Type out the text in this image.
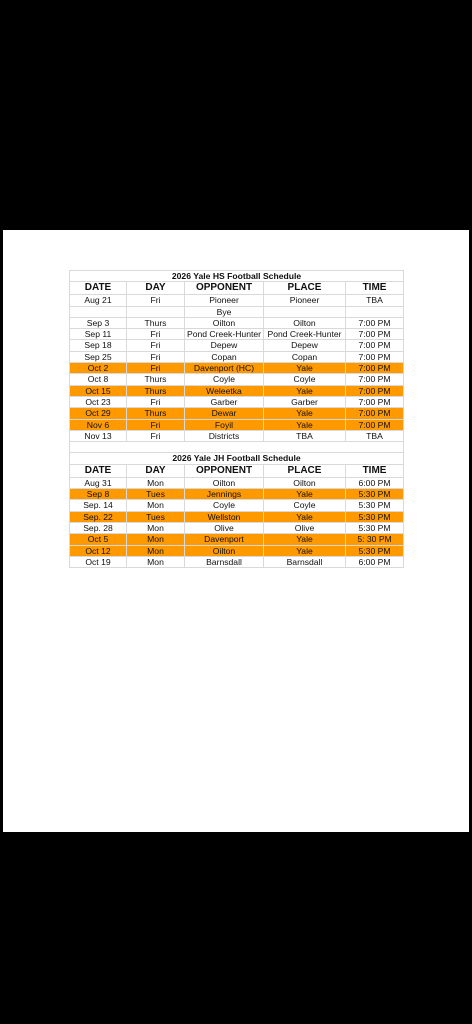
2026 Yale HS Football Schedule				
DATE	DAY	OPPONENT	PLACE	TIME
Aug 21	Fri	Pioneer	Pioneer	TBA
		Bye		
Sep 3	Thurs	Oilton	Oilton	7:00 PM
Sep 11	Fri	Pond Creek-Hunter	Pond Creek-Hunter	7:00 PM
Sep 18	Fri	Depew	Depew	7:00 PM
Sep 25	Fri	Copan	Copan	7:00 PM
Oct 2	Fri	Davenport (HC)	Yale	7:00 PM
Oct 8	Thurs	Coyle	Coyle	7:00 PM
Oct 15	Thurs	Weleetka	Yale	7:00 PM
Oct 23	Fri	Garber	Garber	7:00 PM
Oct 29	Thurs	Dewar	Yale	7:00 PM
Nov 6	Fri	Foyil	Yale	7:00 PM
Nov 13	Fri	Districts	TBA	TBA

2026 Yale JH Football Schedule				
DATE	DAY	OPPONENT	PLACE	TIME
Aug 31	Mon	Oilton	Oilton	6:00 PM
Sep 8	Tues	Jennings	Yale	5:30 PM
Sep. 14	Mon	Coyle	Coyle	5:30 PM
Sep. 22	Tues	Wellston	Yale	5:30 PM
Sep. 28	Mon	Olive	Olive	5:30 PM
Oct 5	Mon	Davenport	Yale	5: 30 PM
Oct 12	Mon	Oilton	Yale	5:30 PM
Oct 19	Mon	Barnsdall	Barnsdall	6:00 PM
